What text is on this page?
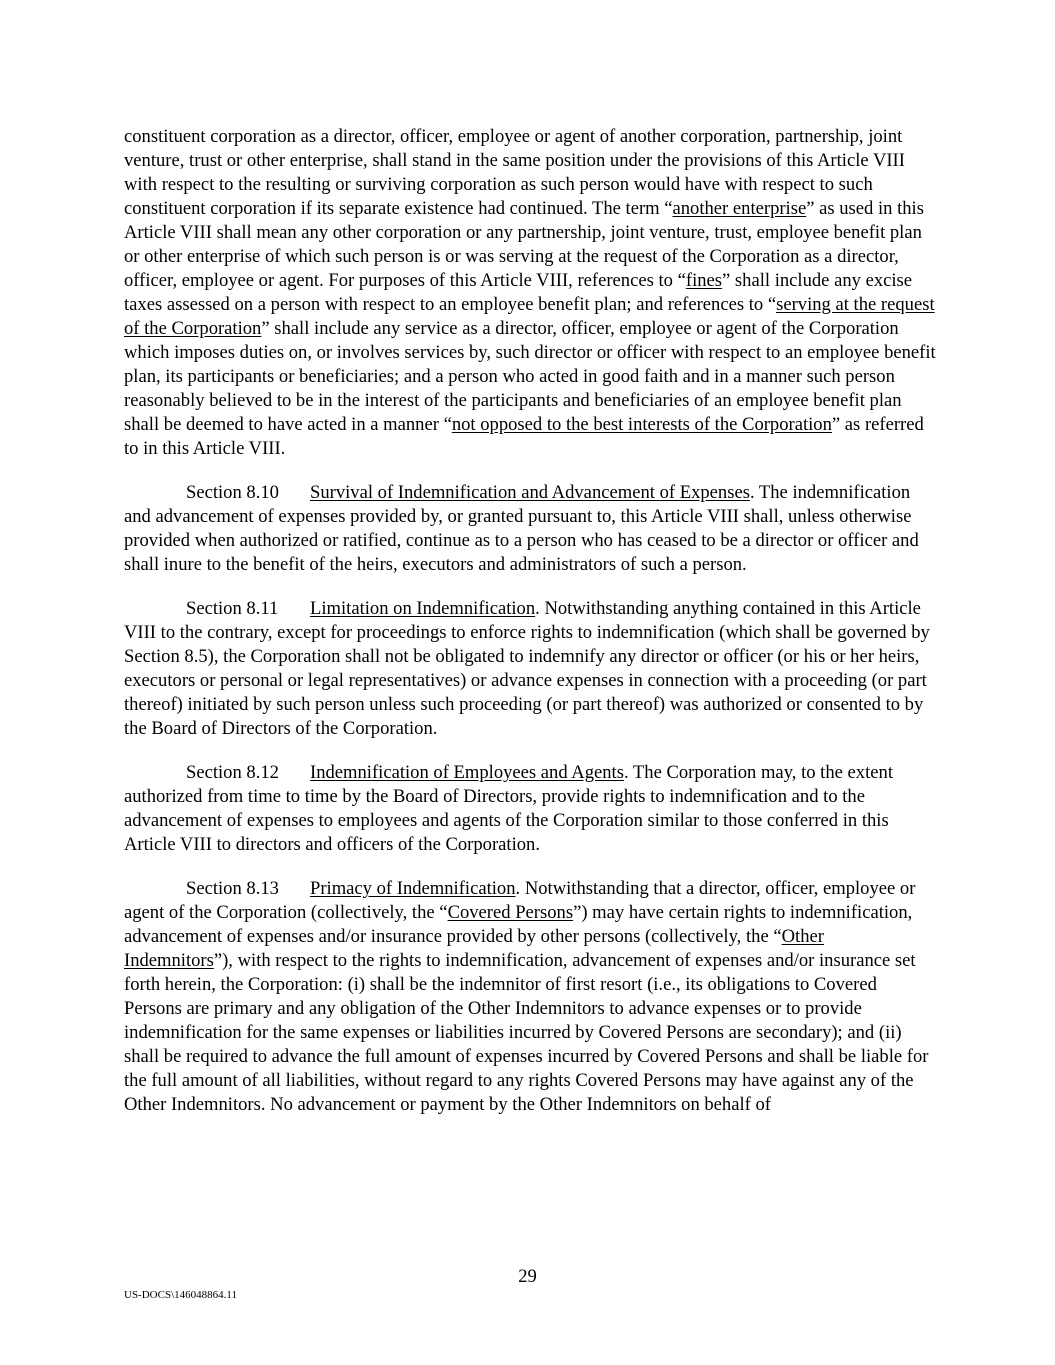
constituent corporation as a director, officer, employee or agent of another corporation, partnership, joint venture, trust or other enterprise, shall stand in the same position under the provisions of this Article VIII with respect to the resulting or surviving corporation as such person would have with respect to such constituent corporation if its separate existence had continued. The term “another enterprise” as used in this Article VIII shall mean any other corporation or any partnership, joint venture, trust, employee benefit plan or other enterprise of which such person is or was serving at the request of the Corporation as a director, officer, employee or agent. For purposes of this Article VIII, references to “fines” shall include any excise taxes assessed on a person with respect to an employee benefit plan; and references to “serving at the request of the Corporation” shall include any service as a director, officer, employee or agent of the Corporation which imposes duties on, or involves services by, such director or officer with respect to an employee benefit plan, its participants or beneficiaries; and a person who acted in good faith and in a manner such person reasonably believed to be in the interest of the participants and beneficiaries of an employee benefit plan shall be deemed to have acted in a manner “not opposed to the best interests of the Corporation” as referred to in this Article VIII.

Section 8.10 Survival of Indemnification and Advancement of Expenses. The indemnification and advancement of expenses provided by, or granted pursuant to, this Article VIII shall, unless otherwise provided when authorized or ratified, continue as to a person who has ceased to be a director or officer and shall inure to the benefit of the heirs, executors and administrators of such a person.

Section 8.11 Limitation on Indemnification. Notwithstanding anything contained in this Article VIII to the contrary, except for proceedings to enforce rights to indemnification (which shall be governed by Section 8.5), the Corporation shall not be obligated to indemnify any director or officer (or his or her heirs, executors or personal or legal representatives) or advance expenses in connection with a proceeding (or part thereof) initiated by such person unless such proceeding (or part thereof) was authorized or consented to by the Board of Directors of the Corporation.

Section 8.12 Indemnification of Employees and Agents. The Corporation may, to the extent authorized from time to time by the Board of Directors, provide rights to indemnification and to the advancement of expenses to employees and agents of the Corporation similar to those conferred in this Article VIII to directors and officers of the Corporation.

Section 8.13 Primacy of Indemnification. Notwithstanding that a director, officer, employee or agent of the Corporation (collectively, the “Covered Persons”) may have certain rights to indemnification, advancement of expenses and/or insurance provided by other persons (collectively, the “Other Indemnitors”), with respect to the rights to indemnification, advancement of expenses and/or insurance set forth herein, the Corporation: (i) shall be the indemnitor of first resort (i.e., its obligations to Covered Persons are primary and any obligation of the Other Indemnitors to advance expenses or to provide indemnification for the same expenses or liabilities incurred by Covered Persons are secondary); and (ii) shall be required to advance the full amount of expenses incurred by Covered Persons and shall be liable for the full amount of all liabilities, without regard to any rights Covered Persons may have against any of the Other Indemnitors. No advancement or payment by the Other Indemnitors on behalf of

29
US-DOCS\146048864.11
